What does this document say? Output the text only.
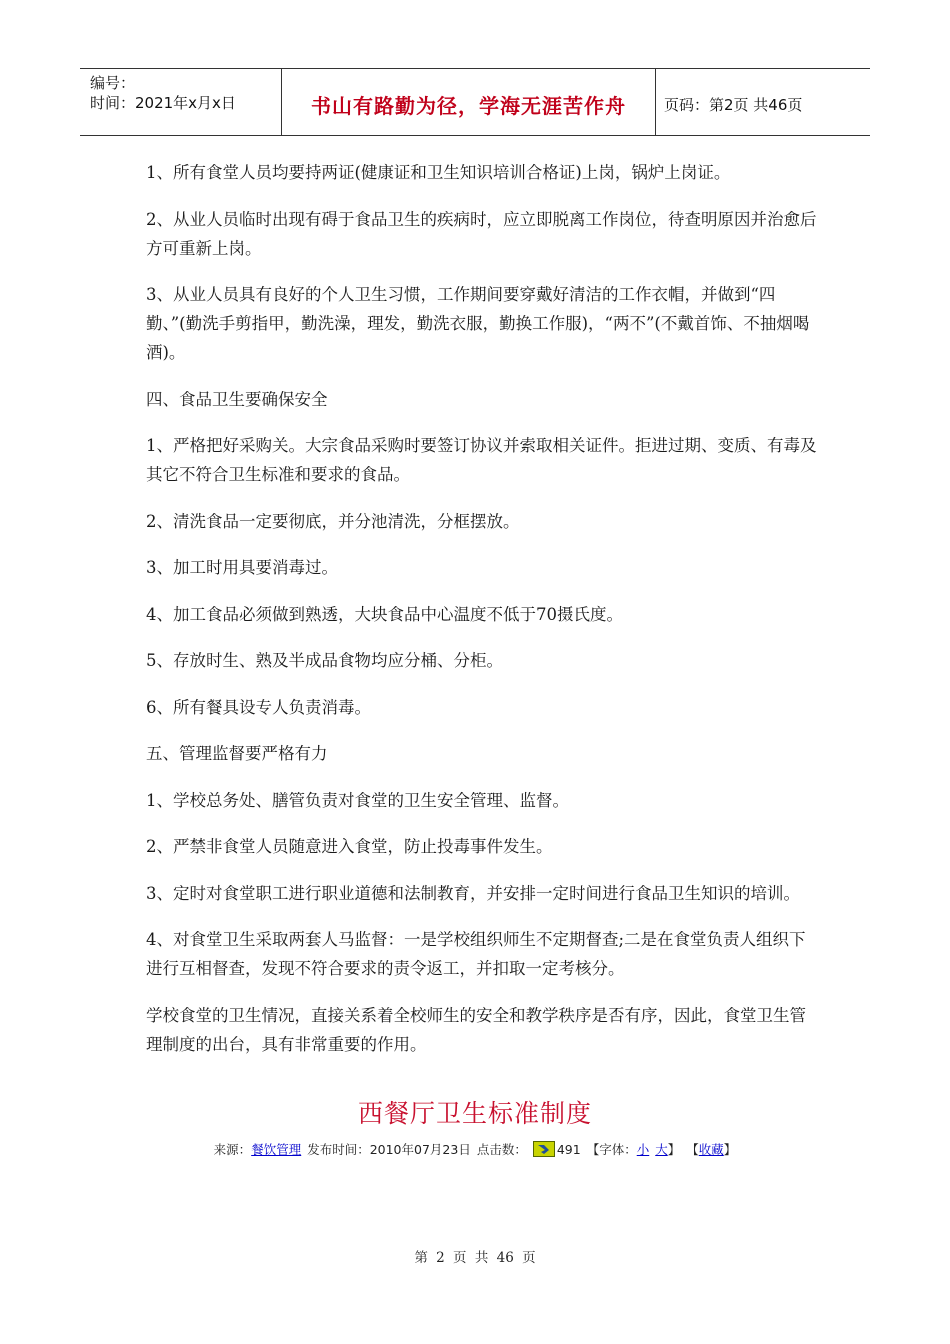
编号：
时间：2021年x月x日	书山有路勤为径，学海无涯苦作舟	页码：第2页 共46页

1、所有食堂人员均要持两证(健康证和卫生知识培训合格证)上岗，锅炉上岗证。

2、从业人员临时出现有碍于食品卫生的疾病时，应立即脱离工作岗位，待查明原因并治愈后方可重新上岗。

3、从业人员具有良好的个人卫生习惯，工作期间要穿戴好清洁的工作衣帽，并做到“四勤、”(勤洗手剪指甲，勤洗澡，理发，勤洗衣服，勤换工作服)，“两不”(不戴首饰、不抽烟喝酒)。

四、食品卫生要确保安全

1、严格把好采购关。大宗食品采购时要签订协议并索取相关证件。拒进过期、变质、有毒及其它不符合卫生标准和要求的食品。

2、清洗食品一定要彻底，并分池清洗，分框摆放。

3、加工时用具要消毒过。

4、加工食品必须做到熟透，大块食品中心温度不低于70摄氏度。

5、存放时生、熟及半成品食物均应分桶、分柜。

6、所有餐具设专人负责消毒。

五、管理监督要严格有力

1、学校总务处、膳管负责对食堂的卫生安全管理、监督。

2、严禁非食堂人员随意进入食堂，防止投毒事件发生。

3、定时对食堂职工进行职业道德和法制教育，并安排一定时间进行食品卫生知识的培训。

4、对食堂卫生采取两套人马监督：一是学校组织师生不定期督查;二是在食堂负责人组织下进行互相督查，发现不符合要求的责令返工，并扣取一定考核分。

学校食堂的卫生情况，直接关系着全校师生的安全和教学秩序是否有序，因此，食堂卫生管理制度的出台，具有非常重要的作用。

西餐厅卫生标准制度
来源：餐饮管理 发布时间：2010年07月23日 点击数： 491 【字体：小 大】 【收藏】
第 2 页 共 46 页
